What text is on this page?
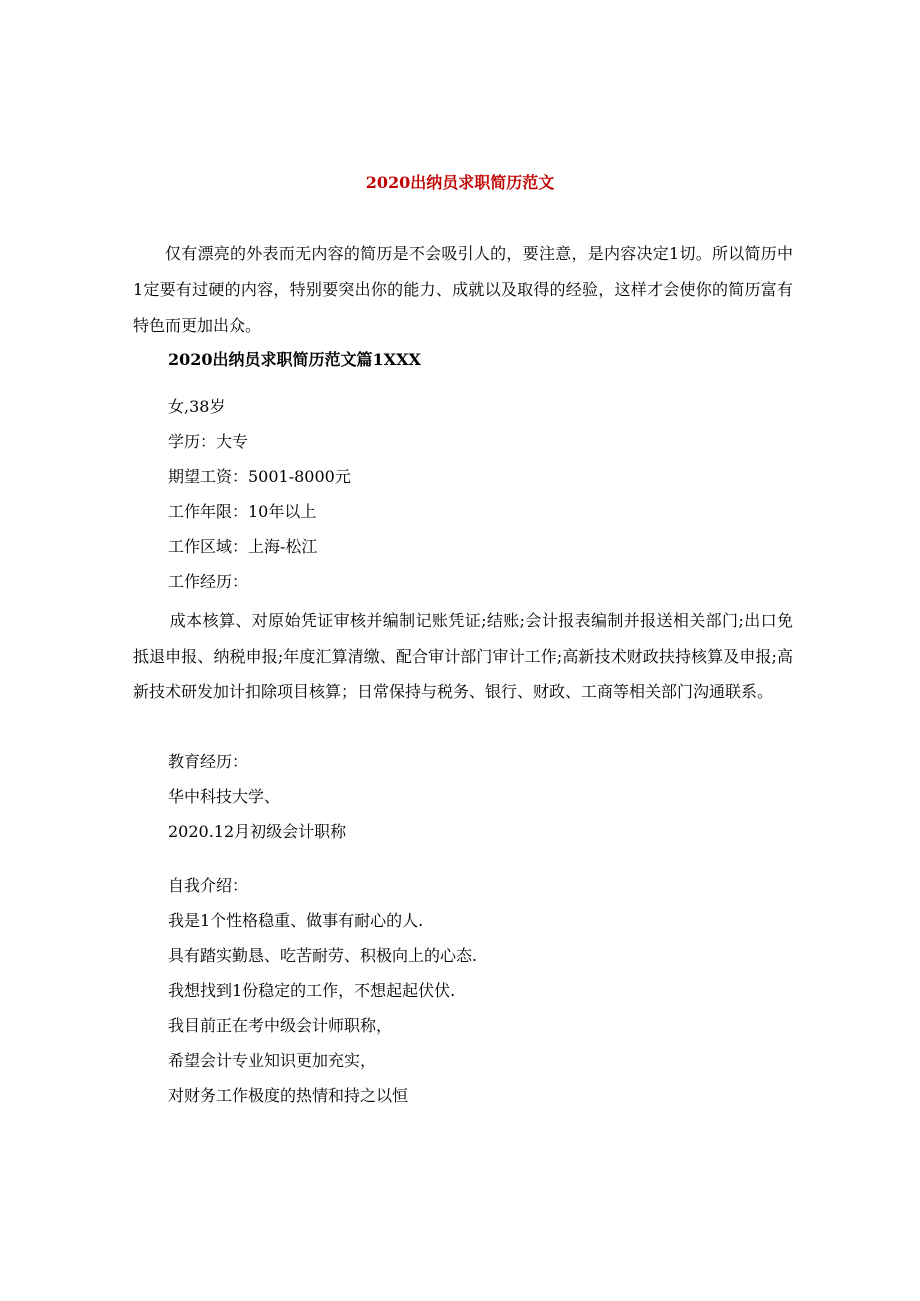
2020出纳员求职简历范文
仅有漂亮的外表而无内容的简历是不会吸引人的，要注意，是内容决定1切。所以简历中1定要有过硬的内容，特别要突出你的能力、成就以及取得的经验，这样才会使你的简历富有特色而更加出众。
2020出纳员求职简历范文篇1XXX
女,38岁
学历：大专
期望工资：5001-8000元
工作年限：10年以上
工作区域：上海-松江
工作经历：
成本核算、对原始凭证审核并编制记账凭证;结账;会计报表编制并报送相关部门;出口免抵退申报、纳税申报;年度汇算清缴、配合审计部门审计工作;高新技术财政扶持核算及申报;高新技术研发加计扣除项目核算；日常保持与税务、银行、财政、工商等相关部门沟通联系。
教育经历：
华中科技大学、
2020.12月初级会计职称
自我介绍：
我是1个性格稳重、做事有耐心的人.
具有踏实勤恳、吃苦耐劳、积极向上的心态.
我想找到1份稳定的工作，不想起起伏伏.
我目前正在考中级会计师职称，
希望会计专业知识更加充实，
对财务工作极度的热情和持之以恒
